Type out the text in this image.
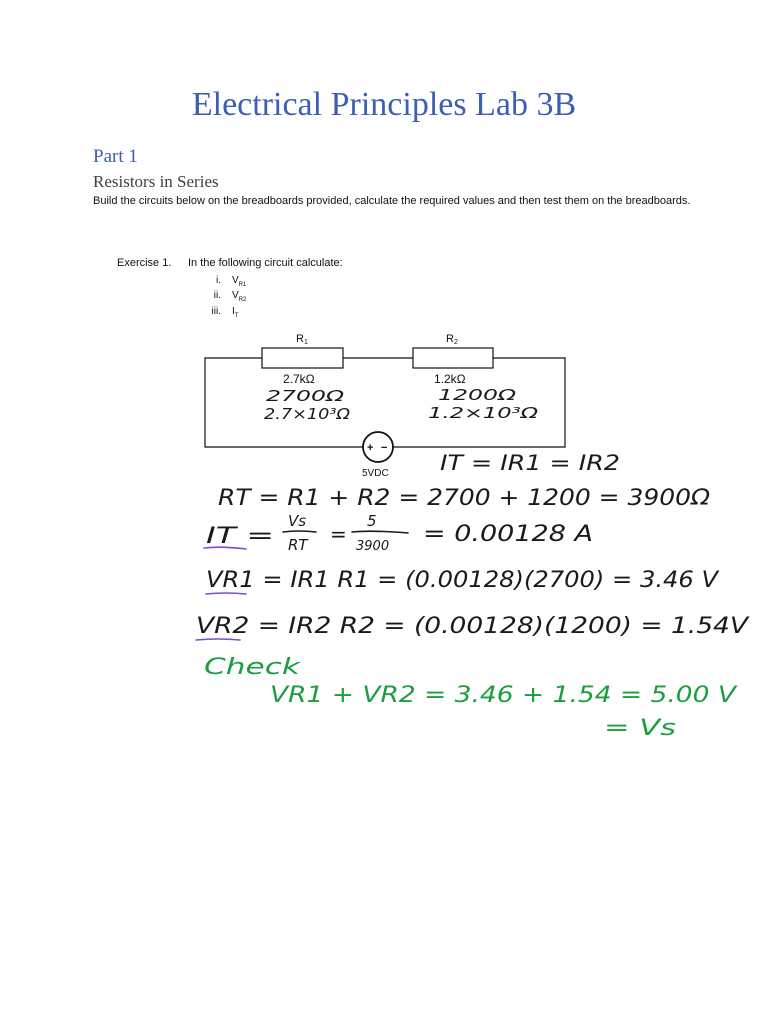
Electrical Principles Lab 3B
Part 1
Resistors in Series
Build the circuits below on the breadboards provided, calculate the required values and then test them on the breadboards.
Exercise 1. In the following circuit calculate:
i. $V_{R1}$
ii. $V_{R2}$
iii. $I_T$
R1	R2
2.7kΩ	1.2kΩ
+ −
5VDC
2700Ω
2.7×10³Ω
1200Ω
1.2×10³Ω
IT = IR1 = IR2
RT = R1 + R2 = 2700 + 1200 = 3900Ω
IT =
Vs
RT =
5
3900 = 0.00128 A
VR1 = IR1 R1 = (0.00128)(2700) = 3.46 V
VR2 = IR2 R2 = (0.00128)(1200) = 1.54V
Check
VR1 + VR2 = 3.46 + 1.54 = 5.00 V
= Vs
